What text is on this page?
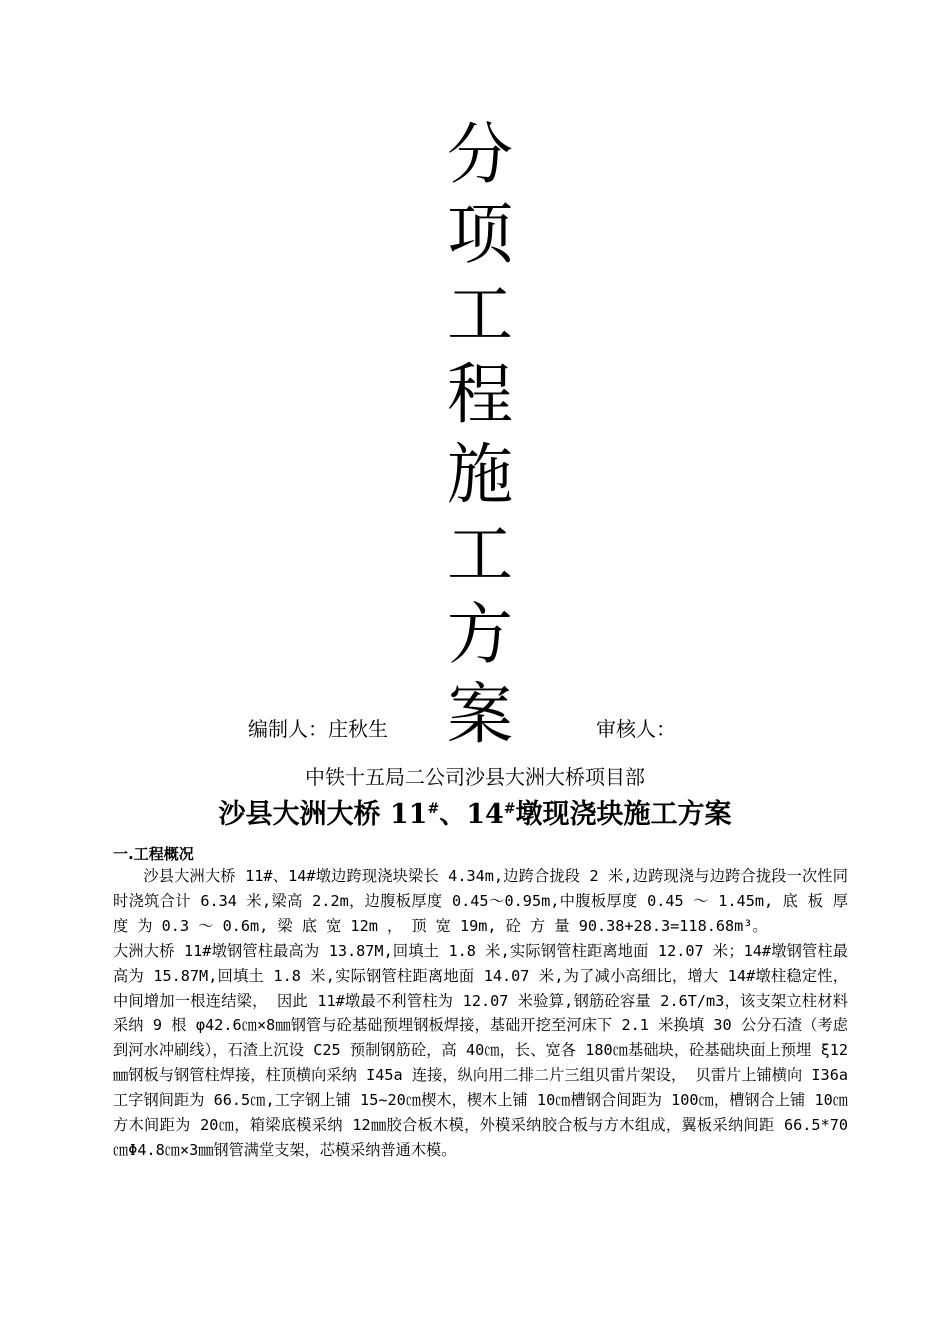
分
项
工
程
施
工
方
案
编制人：庄秋生	审核人：
中铁十五局二公司沙县大洲大桥项目部
沙县大洲大桥 11#、14#墩现浇块施工方案
一.工程概况

沙县大洲大桥 11#、14#墩边跨现浇块梁长 4.34m,边跨合拢段 2 米,边跨现浇与边跨合拢段一次性同时浇筑合计 6.34 米,梁高 2.2m，边腹板厚度 0.45～0.95m,中腹板厚度 0.45 ～ 1.45m, 底 板 厚 度 为 0.3 ～ 0.6m, 梁 底 宽 12m ， 顶 宽 19m, 砼 方 量 90.38+28.3=118.68m³。

大洲大桥 11#墩钢管柱最高为 13.87M,回填土 1.8 米,实际钢管柱距离地面 12.07 米；14#墩钢管柱最高为 15.87M,回填土 1.8 米,实际钢管柱距离地面 14.07 米,为了减小高细比，增大 14#墩柱稳定性，中间增加一根连结梁， 因此 11#墩最不利管柱为 12.07 米验算,钢筋砼容量 2.6T/m3，该支架立柱材料采纳 9 根 φ42.6㎝×8㎜钢管与砼基础预埋钢板焊接，基础开挖至河床下 2.1 米换填 30 公分石渣（考虑到河水冲刷线），石渣上沉设 C25 预制钢筋砼，高 40㎝，长、宽各 180㎝基础块，砼基础块面上预埋 ξ12㎜钢板与钢管柱焊接，柱顶横向采纳 I45a 连接，纵向用二排二片三组贝雷片架设， 贝雷片上铺横向 I36a 工字钢间距为 66.5㎝,工字钢上铺 15~20㎝楔木，楔木上铺 10㎝槽钢合间距为 100㎝，槽钢合上铺 10㎝方木间距为 20㎝，箱梁底模采纳 12㎜胶合板木模，外模采纳胶合板与方木组成，翼板采纳间距 66.5*70㎝Φ4.8㎝×3㎜钢管满堂支架，芯模采纳普通木模。
